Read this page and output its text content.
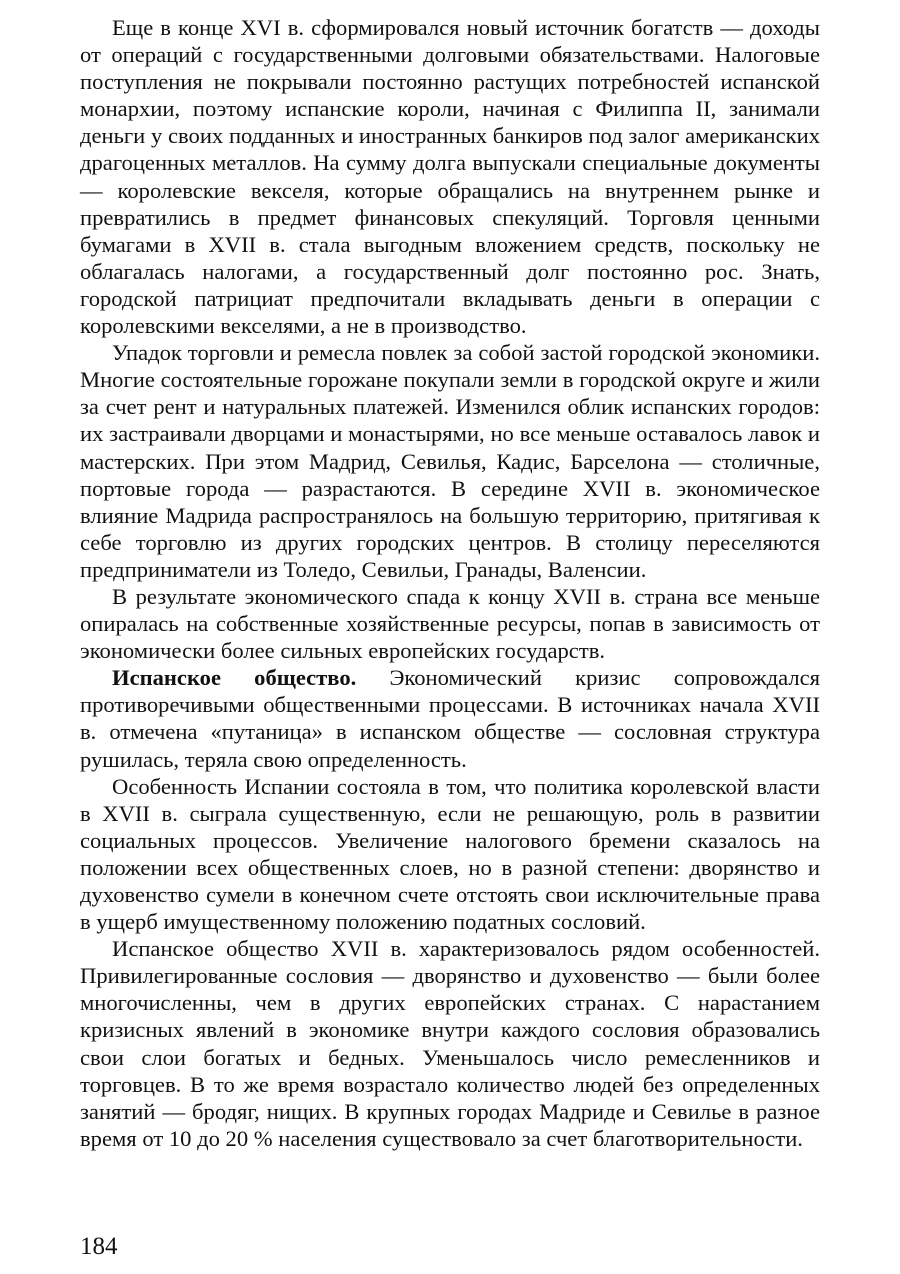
Еще в конце XVI в. сформировался новый источник богатств — доходы от операций с государственными долговыми обязательствами. Налоговые поступления не покрывали постоянно растущих потребностей испанской монархии, поэтому испанские короли, начиная с Филиппа II, занимали деньги у своих подданных и иностранных банкиров под залог американских драгоценных металлов. На сумму долга выпускали специальные документы — королевские векселя, которые обращались на внутреннем рынке и превратились в предмет финансовых спекуляций. Торговля ценными бумагами в XVII в. стала выгодным вложением средств, поскольку не облагалась налогами, а государственный долг постоянно рос. Знать, городской патрициат предпочитали вкладывать деньги в операции с королевскими векселями, а не в производство.

Упадок торговли и ремесла повлек за собой застой городской экономики. Многие состоятельные горожане покупали земли в городской округе и жили за счет рент и натуральных платежей. Изменился облик испанских городов: их застраивали дворцами и монастырями, но все меньше оставалось лавок и мастерских. При этом Мадрид, Севилья, Кадис, Барселона — столичные, портовые города — разрастаются. В середине XVII в. экономическое влияние Мадрида распространялось на большую территорию, притягивая к себе торговлю из других городских центров. В столицу переселяются предприниматели из Толедо, Севильи, Гранады, Валенсии.

В результате экономического спада к концу XVII в. страна все меньше опиралась на собственные хозяйственные ресурсы, попав в зависимость от экономически более сильных европейских государств.

Испанское общество. Экономический кризис сопровождался противоречивыми общественными процессами. В источниках начала XVII в. отмечена «путаница» в испанском обществе — сословная структура рушилась, теряла свою определенность.

Особенность Испании состояла в том, что политика королевской власти в XVII в. сыграла существенную, если не решающую, роль в развитии социальных процессов. Увеличение налогового бремени сказалось на положении всех общественных слоев, но в разной степени: дворянство и духовенство сумели в конечном счете отстоять свои исключительные права в ущерб имущественному положению податных сословий.

Испанское общество XVII в. характеризовалось рядом особенностей. Привилегированные сословия — дворянство и духовенство — были более многочисленны, чем в других европейских странах. С нарастанием кризисных явлений в экономике внутри каждого сословия образовались свои слои богатых и бедных. Уменьшалось число ремесленников и торговцев. В то же время возрастало количество людей без определенных занятий — бродяг, нищих. В крупных городах Мадриде и Севилье в разное время от 10 до 20 % населения существовало за счет благотворительности.

184
